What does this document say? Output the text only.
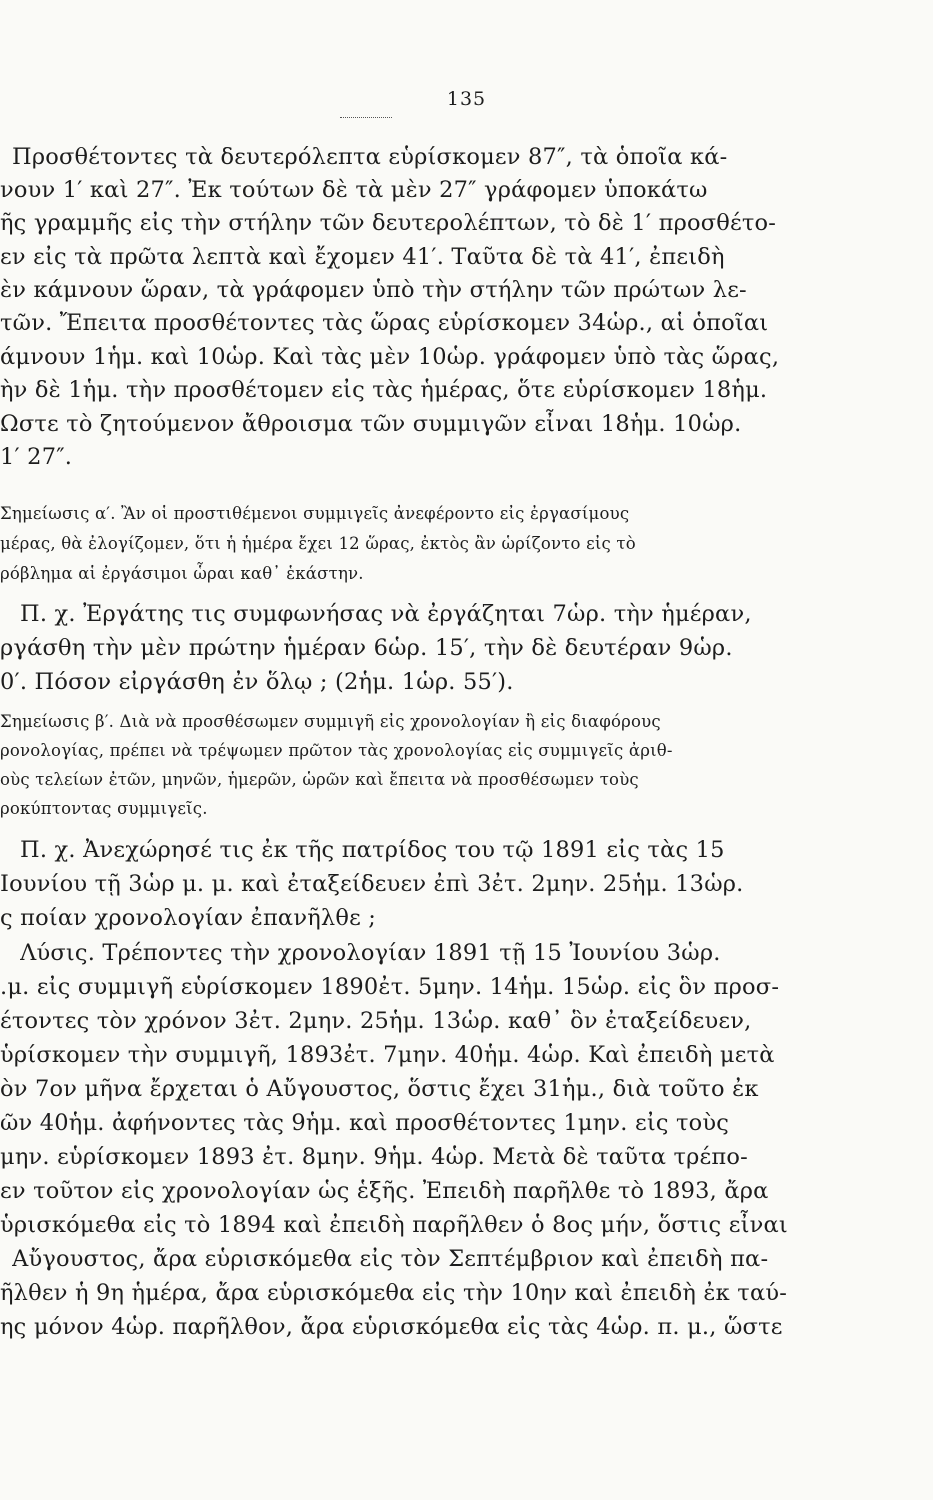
135
Προσθέτοντες τὰ δευτερόλεπτα εὑρίσκομεν 87″, τὰ ὁποῖα κά-
νουν 1′ καὶ 27″. Ἐκ τούτων δὲ τὰ μὲν 27″ γράφομεν ὑποκάτω
ῆς γραμμῆς εἰς τὴν στήλην τῶν δευτερολέπτων, τὸ δὲ 1′ προσθέτο-
εν εἰς τὰ πρῶτα λεπτὰ καὶ ἔχομεν 41′. Ταῦτα δὲ τὰ 41′, ἐπειδὴ
ὲν κάμνουν ὥραν, τὰ γράφομεν ὑπὸ τὴν στήλην τῶν πρώτων λε-
τῶν. Ἔπειτα προσθέτοντες τὰς ὥρας εὑρίσκομεν 34ὡρ., αἱ ὁποῖαι
άμνουν 1ἡμ. καὶ 10ὡρ. Καὶ τὰς μὲν 10ὡρ. γράφομεν ὑπὸ τὰς ὥρας,
ὴν δὲ 1ἡμ. τὴν προσθέτομεν εἰς τὰς ἡμέρας, ὅτε εὑρίσκομεν 18ἡμ.
Ωστε τὸ ζητούμενον ἄθροισμα τῶν συμμιγῶν εἶναι 18ἡμ. 10ὡρ.
1′ 27″.
Σημείωσις α′. Ἂν οἱ προστιθέμενοι συμμιγεῖς ἀνεφέροντο εἰς ἐργασίμους
μέρας, θὰ ἐλογίζομεν, ὅτι ἡ ἡμέρα ἔχει 12 ὥρας, ἐκτὸς ἂν ὡρίζοντο εἰς τὸ
ρόβλημα αἱ ἐργάσιμοι ὧραι καθ᾽ ἑκάστην.
Π. χ. Ἐργάτης τις συμφωνήσας νὰ ἐργάζηται 7ὡρ. τὴν ἡμέραν,
ργάσθη τὴν μὲν πρώτην ἡμέραν 6ὡρ. 15′, τὴν δὲ δευτέραν 9ὡρ.
0′. Πόσον εἰργάσθη ἐν ὅλῳ ; (2ἡμ. 1ὡρ. 55′).
Σημείωσις β′. Διὰ νὰ προσθέσωμεν συμμιγῆ εἰς χρονολογίαν ἢ εἰς διαφόρους
ρονολογίας, πρέπει νὰ τρέψωμεν πρῶτον τὰς χρονολογίας εἰς συμμιγεῖς ἀριθ-
οὺς τελείων ἐτῶν, μηνῶν, ἡμερῶν, ὡρῶν καὶ ἔπειτα νὰ προσθέσωμεν τοὺς
ροκύπτοντας συμμιγεῖς.
Π. χ. Ἀνεχώρησέ τις ἐκ τῆς πατρίδος του τῷ 1891 εἰς τὰς 15
Ιουνίου τῇ 3ὡρ μ. μ. καὶ ἐταξείδευεν ἐπὶ 3ἐτ. 2μην. 25ἡμ. 13ὡρ.
ς ποίαν χρονολογίαν ἐπανῆλθε ;
Λύσις. Τρέποντες τὴν χρονολογίαν 1891 τῇ 15 Ἰουνίου 3ὡρ.
.μ. εἰς συμμιγῆ εὑρίσκομεν 1890ἐτ. 5μην. 14ἡμ. 15ὡρ. εἰς ὃν προσ-
έτοντες τὸν χρόνον 3ἐτ. 2μην. 25ἡμ. 13ὡρ. καθ᾽ ὃν ἐταξείδευεν,
ὑρίσκομεν τὴν συμμιγῆ, 1893ἐτ. 7μην. 40ἡμ. 4ὡρ. Καὶ ἐπειδὴ μετὰ
ὸν 7ον μῆνα ἔρχεται ὁ Αὔγουστος, ὅστις ἔχει 31ἡμ., διὰ τοῦτο ἐκ
ῶν 40ἡμ. ἀφήνοντες τὰς 9ἡμ. καὶ προσθέτοντες 1μην. εἰς τοὺς
μην. εὑρίσκομεν 1893 ἐτ. 8μην. 9ἡμ. 4ὡρ. Μετὰ δὲ ταῦτα τρέπο-
εν τοῦτον εἰς χρονολογίαν ὡς ἑξῆς. Ἐπειδὴ παρῆλθε τὸ 1893, ἄρα
ὑρισκόμεθα εἰς τὸ 1894 καὶ ἐπειδὴ παρῆλθεν ὁ 8ος μήν, ὅστις εἶναι
Αὔγουστος, ἄρα εὑρισκόμεθα εἰς τὸν Σεπτέμβριον καὶ ἐπειδὴ πα-
ῆλθεν ἡ 9η ἡμέρα, ἄρα εὑρισκόμεθα εἰς τὴν 10ην καὶ ἐπειδὴ ἐκ ταύ-
ης μόνον 4ὡρ. παρῆλθον, ἄρα εὑρισκόμεθα εἰς τὰς 4ὡρ. π. μ., ὥστε
